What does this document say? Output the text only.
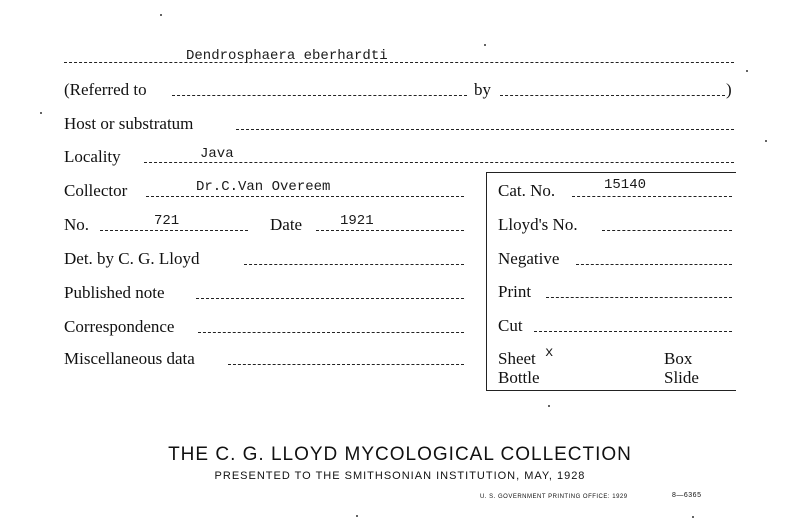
Dendrosphaera eberhardti
(Referred to	by	)
Host or substratum
Locality	Java
Collector	Dr.C.Van Overeem
No.	721	Date	1921
Det. by C. G. Lloyd
Published note
Correspondence
Miscellaneous data
Cat. No.	15140
Lloyd's No.
Negative
Print
Cut
Sheet x	Box
Bottle	Slide
THE C. G. LLOYD MYCOLOGICAL COLLECTION
PRESENTED TO THE SMITHSONIAN INSTITUTION, MAY, 1928
U. S. GOVERNMENT PRINTING OFFICE: 1929	8—6365
